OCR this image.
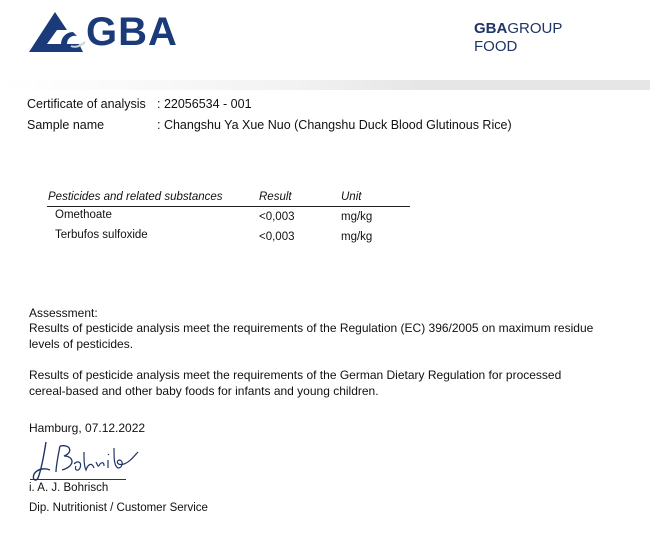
GBA	GBAGROUP
FOOD
Certificate of analysis : 22056534 - 001
Sample name	: Changshu Ya Xue Nuo (Changshu Duck Blood Glutinous Rice)
Pesticides and related substances	Result	Unit
Omethoate	<0,003	mg/kg
Terbufos sulfoxide	<0,003	mg/kg
Assessment:
Results of pesticide analysis meet the requirements of the Regulation (EC) 396/2005 on maximum residue
levels of pesticides.
Results of pesticide analysis meet the requirements of the German Dietary Regulation for processed
cereal-based and other baby foods for infants and young children.
Hamburg, 07.12.2022
i. A. J. Bohrisch
Dip. Nutritionist / Customer Service
